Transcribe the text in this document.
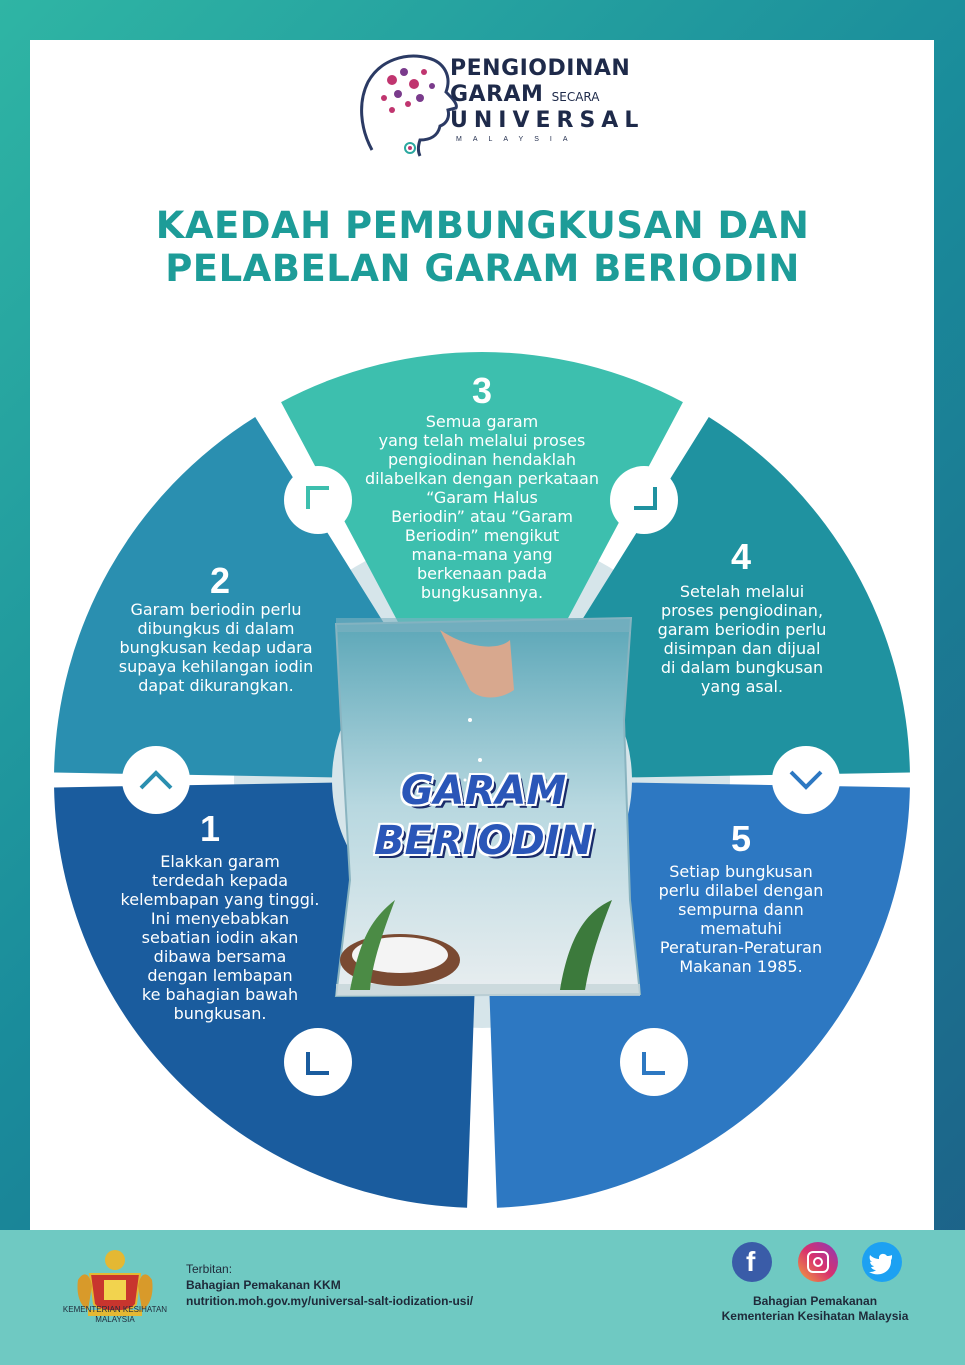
PENGIODINAN
GARAM SECARA
UNIVERSAL
MALAYSIA
KAEDAH PEMBUNGKUSAN DAN
PELABELAN GARAM BERIODIN
GARAM
BERIODIN
1
Elakkan garam
terdedah kepada
kelembapan yang tinggi.
Ini menyebabkan
sebatian iodin akan
dibawa bersama
dengan lembapan
ke bahagian bawah
bungkusan.
2
Garam beriodin perlu
dibungkus di dalam
bungkusan kedap udara
supaya kehilangan iodin
dapat dikurangkan.
3
Semua garam
yang telah melalui proses
pengiodinan hendaklah
dilabelkan dengan perkataan
“Garam Halus
Beriodin” atau “Garam
Beriodin” mengikut
mana-mana yang
berkenaan pada
bungkusannya.
4
Setelah melalui
proses pengiodinan,
garam beriodin perlu
disimpan dan dijual
di dalam bungkusan
yang asal.
5
Setiap bungkusan
perlu dilabel dengan
sempurna dann
mematuhi
Peraturan-Peraturan
Makanan 1985.
KEMENTERIAN KESIHATAN
MALAYSIA
Terbitan:
Bahagian Pemakanan KKM
nutrition.moh.gov.my/universal-salt-iodization-usi/
f
Bahagian Pemakanan
Kementerian Kesihatan Malaysia
